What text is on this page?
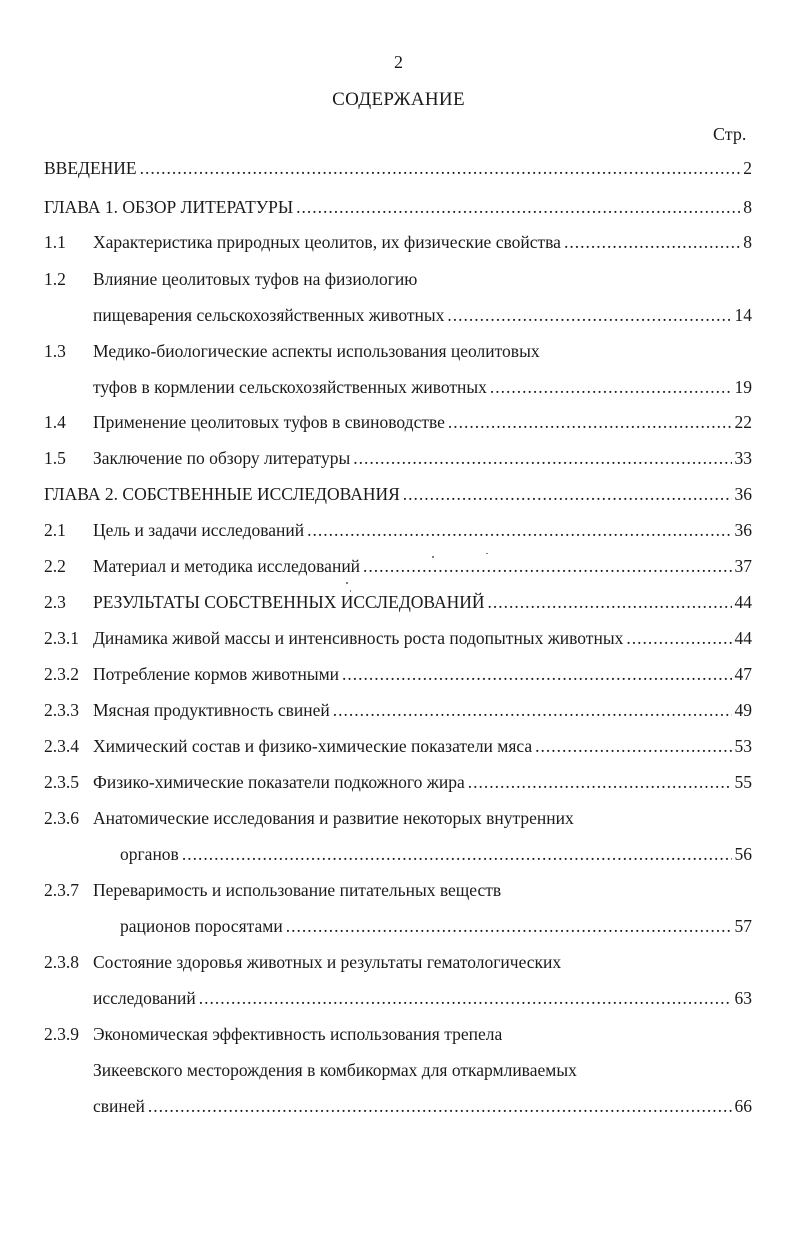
2
СОДЕРЖАНИЕ
Стр.
ВВЕДЕНИЕ .....	2
ГЛАВА 1. ОБЗОР ЛИТЕРАТУРЫ .....	8
1.1 Характеристика природных цеолитов, их физические свойства .....	8
1.2 Влияние цеолитовых туфов на физиологию
пищеварения сельскохозяйственных животных .....	14
1.3 Медико-биологические аспекты использования цеолитовых
туфов в кормлении сельскохозяйственных животных .....	19
1.4 Применение цеолитовых туфов в свиноводстве .....	22
1.5 Заключение по обзору литературы .....	33
ГЛАВА 2. СОБСТВЕННЫЕ ИССЛЕДОВАНИЯ .....	36
2.1 Цель и задачи исследований .....	36
2.2 Материал и методика исследований .....	37
2.3 РЕЗУЛЬТАТЫ СОБСТВЕННЫХ ИССЛЕДОВАНИЙ .....	44
2.3.1 Динамика живой массы и интенсивность роста подопытных животных .....	44
2.3.2 Потребление кормов животными .....	47
2.3.3 Мясная продуктивность свиней .....	49
2.3.4 Химический состав и физико-химические показатели мяса .....	53
2.3.5 Физико-химические показатели подкожного жира .....	55
2.3.6 Анатомические исследования и развитие некоторых внутренних
органов .....	56
2.3.7 Переваримость и использование питательных веществ
рационов поросятами .....	57
2.3.8 Состояние здоровья животных и результаты гематологических
исследований .....	63
2.3.9 Экономическая эффективность использования трепела
Зикеевского месторождения в комбикормах для откармливаемых
свиней .....	66
